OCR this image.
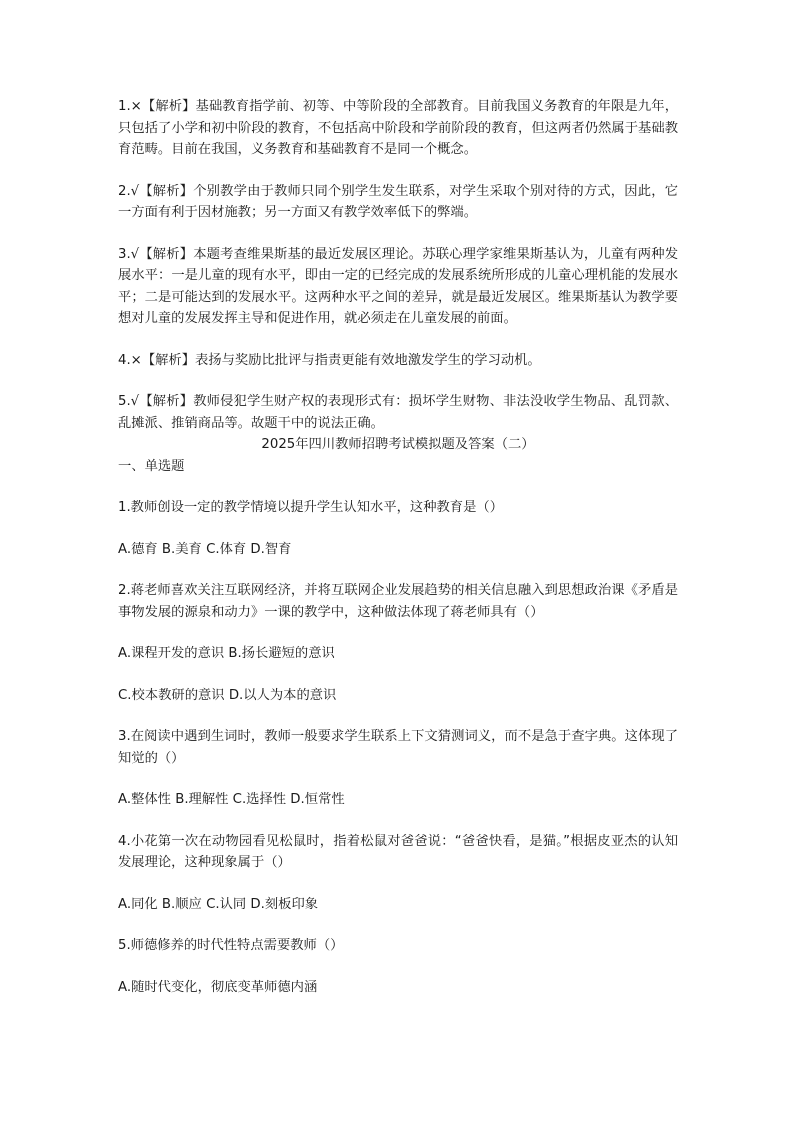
1.×【解析】基础教育指学前、初等、中等阶段的全部教育。目前我国义务教育的年限是九年，只包括了小学和初中阶段的教育，不包括高中阶段和学前阶段的教育，但这两者仍然属于基础教育范畴。目前在我国，义务教育和基础教育不是同一个概念。

2.√【解析】个别教学由于教师只同个别学生发生联系，对学生采取个别对待的方式，因此，它一方面有利于因材施教；另一方面又有教学效率低下的弊端。

3.√【解析】本题考查维果斯基的最近发展区理论。苏联心理学家维果斯基认为，儿童有两种发展水平：一是儿童的现有水平，即由一定的已经完成的发展系统所形成的儿童心理机能的发展水平；二是可能达到的发展水平。这两种水平之间的差异，就是最近发展区。维果斯基认为教学要想对儿童的发展发挥主导和促进作用，就必须走在儿童发展的前面。

4.×【解析】表扬与奖励比批评与指责更能有效地激发学生的学习动机。

5.√【解析】教师侵犯学生财产权的表现形式有：损坏学生财物、非法没收学生物品、乱罚款、乱摊派、推销商品等。故题干中的说法正确。

2025年四川教师招聘考试模拟题及答案（二）

一、单选题

1.教师创设一定的教学情境以提升学生认知水平，这种教育是（）

A.德育 B.美育 C.体育 D.智育

2.蒋老师喜欢关注互联网经济，并将互联网企业发展趋势的相关信息融入到思想政治课《矛盾是事物发展的源泉和动力》一课的教学中，这种做法体现了蒋老师具有（）

A.课程开发的意识 B.扬长避短的意识

C.校本教研的意识 D.以人为本的意识

3.在阅读中遇到生词时，教师一般要求学生联系上下文猜测词义，而不是急于查字典。这体现了知觉的（）

A.整体性 B.理解性 C.选择性 D.恒常性

4.小花第一次在动物园看见松鼠时，指着松鼠对爸爸说：“爸爸快看，是猫。”根据皮亚杰的认知发展理论，这种现象属于（）

A.同化 B.顺应 C.认同 D.刻板印象

5.师德修养的时代性特点需要教师（）

A.随时代变化，彻底变革师德内涵
